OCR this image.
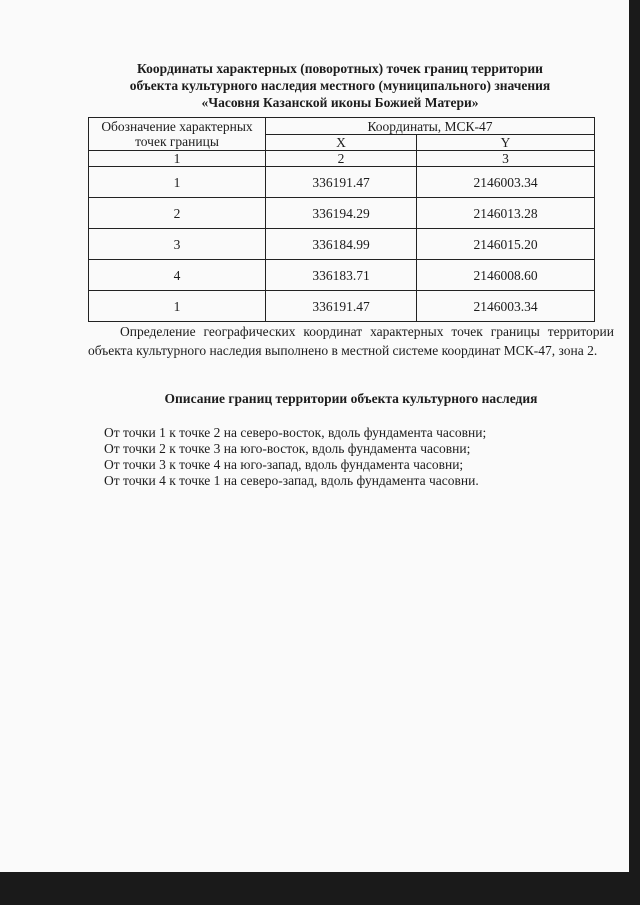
Координаты характерных (поворотных) точек границ территории
объекта культурного наследия местного (муниципального) значения
«Часовня Казанской иконы Божией Матери»
Обозначение характерных точек границы	Координаты, МСК-47	
	X	Y
1	2	3
1	336191.47	2146003.34
2	336194.29	2146013.28
3	336184.99	2146015.20
4	336183.71	2146008.60
1	336191.47	2146003.34

Определение географических координат характерных точек границы территории объекта культурного наследия выполнено в местной системе координат МСК-47, зона 2.

Описание границ территории объекта культурного наследия
От точки 1 к точке 2 на северо-восток, вдоль фундамента часовни;
От точки 2 к точке 3 на юго-восток, вдоль фундамента часовни;
От точки 3 к точке 4 на юго-запад, вдоль фундамента часовни;
От точки 4 к точке 1 на северо-запад, вдоль фундамента часовни.
